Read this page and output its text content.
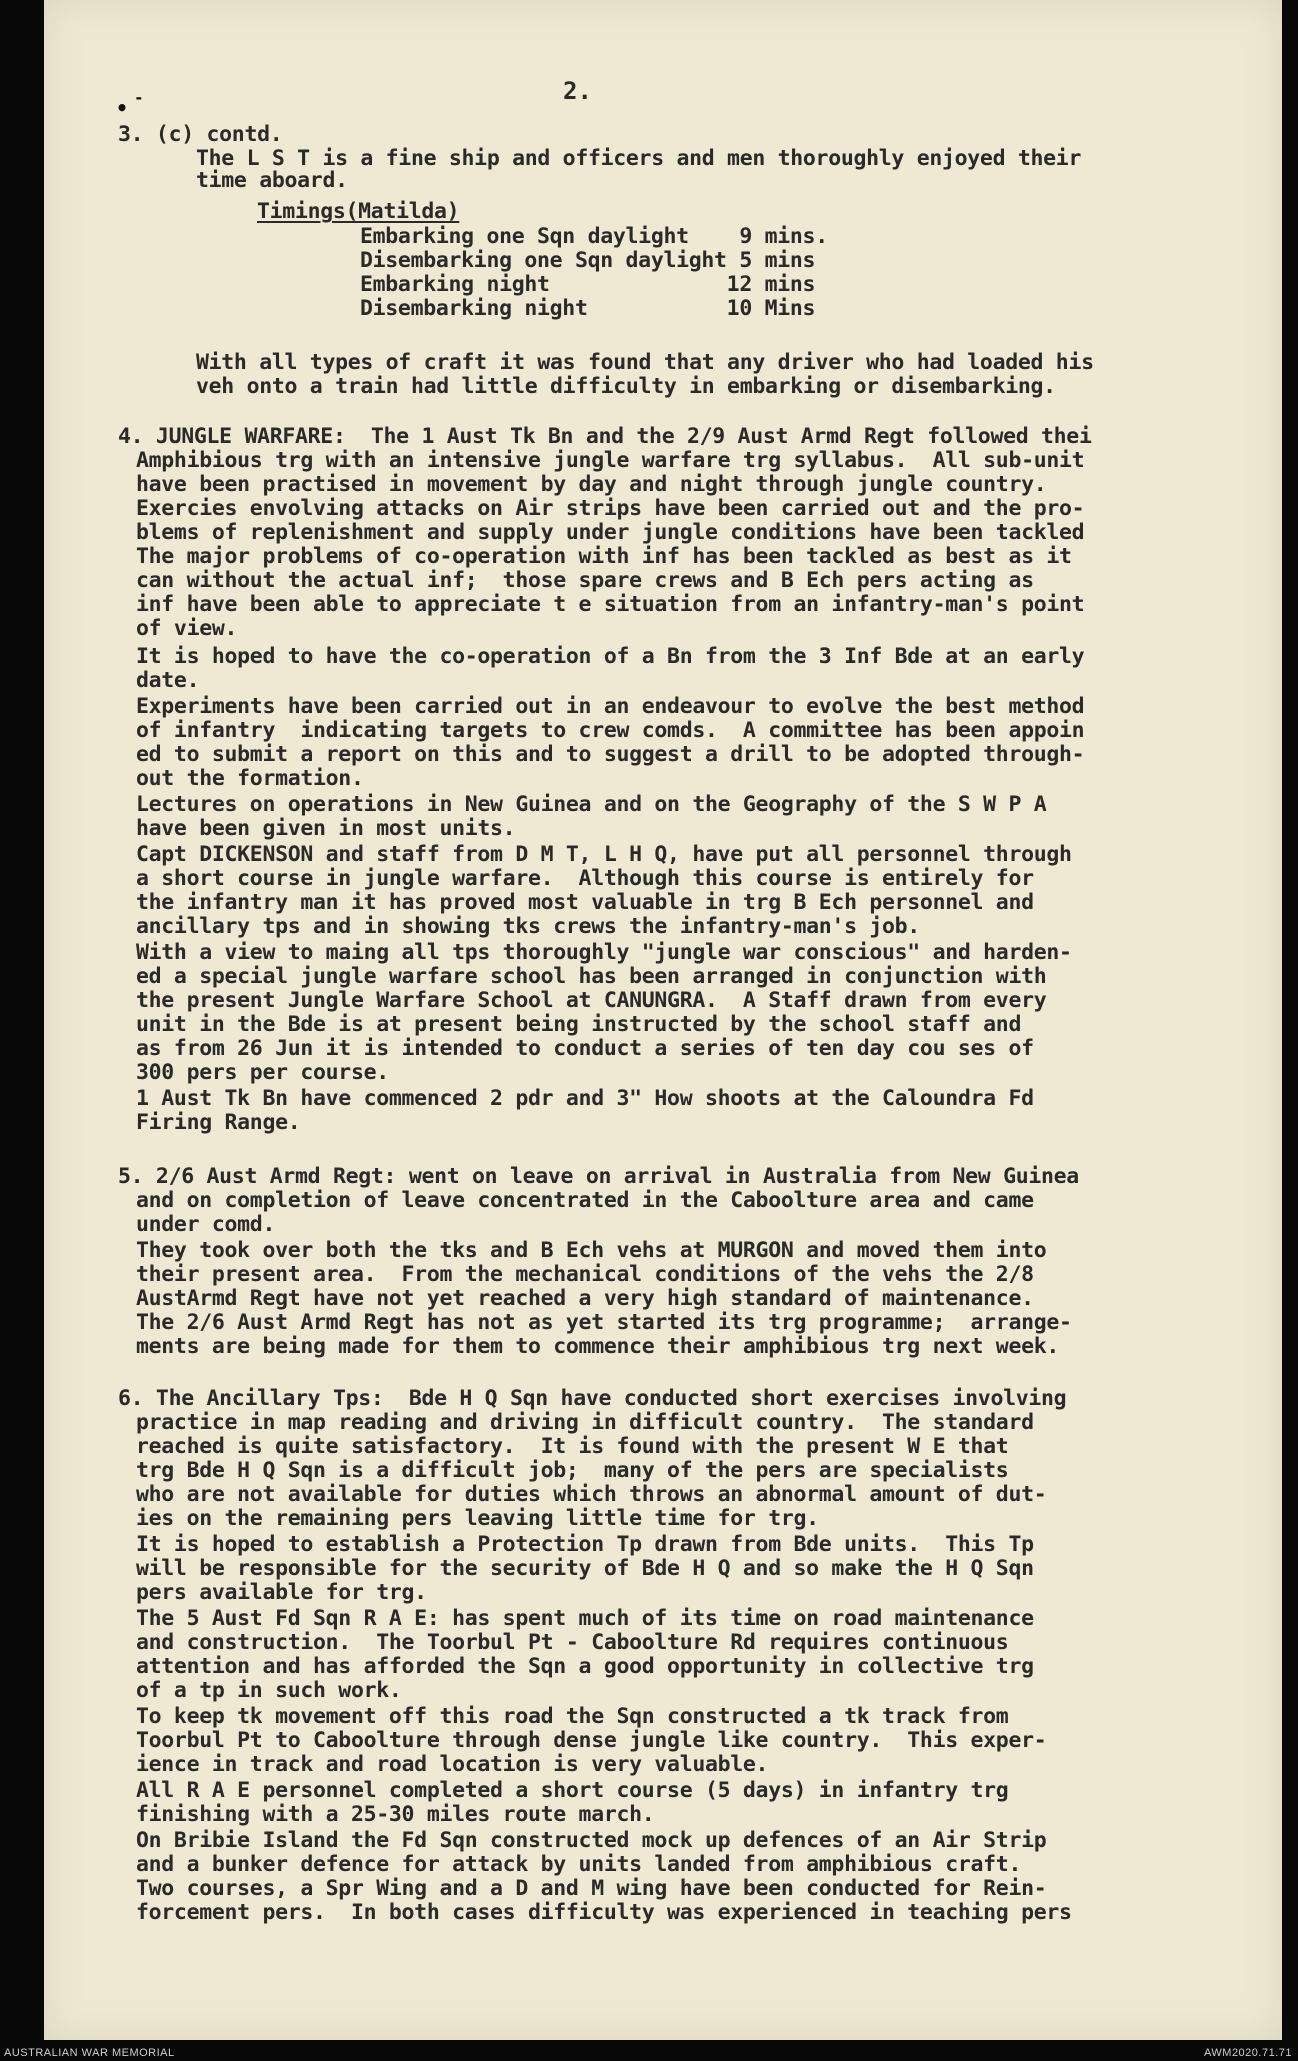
• -	2.
3. (c) contd.
The L S T is a fine ship and officers and men thoroughly enjoyed their
time aboard.
Timings(Matilda)
Embarking one Sqn daylight    9 mins.
Disembarking one Sqn daylight 5 mins
Embarking night              12 mins
Disembarking night           10 Mins
With all types of craft it was found that any driver who had loaded his
veh onto a train had little difficulty in embarking or disembarking.
4. JUNGLE WARFARE:  The 1 Aust Tk Bn and the 2/9 Aust Armd Regt followed thei
Amphibious trg with an intensive jungle warfare trg syllabus.  All sub-unit
have been practised in movement by day and night through jungle country.
Exercies envolving attacks on Air strips have been carried out and the pro-
blems of replenishment and supply under jungle conditions have been tackled
The major problems of co-operation with inf has been tackled as best as it
can without the actual inf;  those spare crews and B Ech pers acting as
inf have been able to appreciate t e situation from an infantry-man's point
of view.
It is hoped to have the co-operation of a Bn from the 3 Inf Bde at an early
date.
Experiments have been carried out in an endeavour to evolve the best method
of infantry  indicating targets to crew comds.  A committee has been appoin
ed to submit a report on this and to suggest a drill to be adopted through-
out the formation.
Lectures on operations in New Guinea and on the Geography of the S W P A
have been given in most units.
Capt DICKENSON and staff from D M T, L H Q, have put all personnel through
a short course in jungle warfare.  Although this course is entirely for
the infantry man it has proved most valuable in trg B Ech personnel and
ancillary tps and in showing tks crews the infantry-man's job.
With a view to maing all tps thoroughly "jungle war conscious" and harden-
ed a special jungle warfare school has been arranged in conjunction with
the present Jungle Warfare School at CANUNGRA.  A Staff drawn from every
unit in the Bde is at present being instructed by the school staff and
as from 26 Jun it is intended to conduct a series of ten day cou ses of
300 pers per course.
1 Aust Tk Bn have commenced 2 pdr and 3" How shoots at the Caloundra Fd
Firing Range.
5. 2/6 Aust Armd Regt: went on leave on arrival in Australia from New Guinea
and on completion of leave concentrated in the Caboolture area and came
under comd.
They took over both the tks and B Ech vehs at MURGON and moved them into
their present area.  From the mechanical conditions of the vehs the 2/8
AustArmd Regt have not yet reached a very high standard of maintenance.
The 2/6 Aust Armd Regt has not as yet started its trg programme;  arrange-
ments are being made for them to commence their amphibious trg next week.
6. The Ancillary Tps:  Bde H Q Sqn have conducted short exercises involving
practice in map reading and driving in difficult country.  The standard
reached is quite satisfactory.  It is found with the present W E that
trg Bde H Q Sqn is a difficult job;  many of the pers are specialists
who are not available for duties which throws an abnormal amount of dut-
ies on the remaining pers leaving little time for trg.
It is hoped to establish a Protection Tp drawn from Bde units.  This Tp
will be responsible for the security of Bde H Q and so make the H Q Sqn
pers available for trg.
The 5 Aust Fd Sqn R A E: has spent much of its time on road maintenance
and construction.  The Toorbul Pt - Caboolture Rd requires continuous
attention and has afforded the Sqn a good opportunity in collective trg
of a tp in such work.
To keep tk movement off this road the Sqn constructed a tk track from
Toorbul Pt to Caboolture through dense jungle like country.  This exper-
ience in track and road location is very valuable.
All R A E personnel completed a short course (5 days) in infantry trg
finishing with a 25-30 miles route march.
On Bribie Island the Fd Sqn constructed mock up defences of an Air Strip
and a bunker defence for attack by units landed from amphibious craft.
Two courses, a Spr Wing and a D and M wing have been conducted for Rein-
forcement pers.  In both cases difficulty was experienced in teaching pers
AUSTRALIAN WAR MEMORIAL	AWM2020.71.71
